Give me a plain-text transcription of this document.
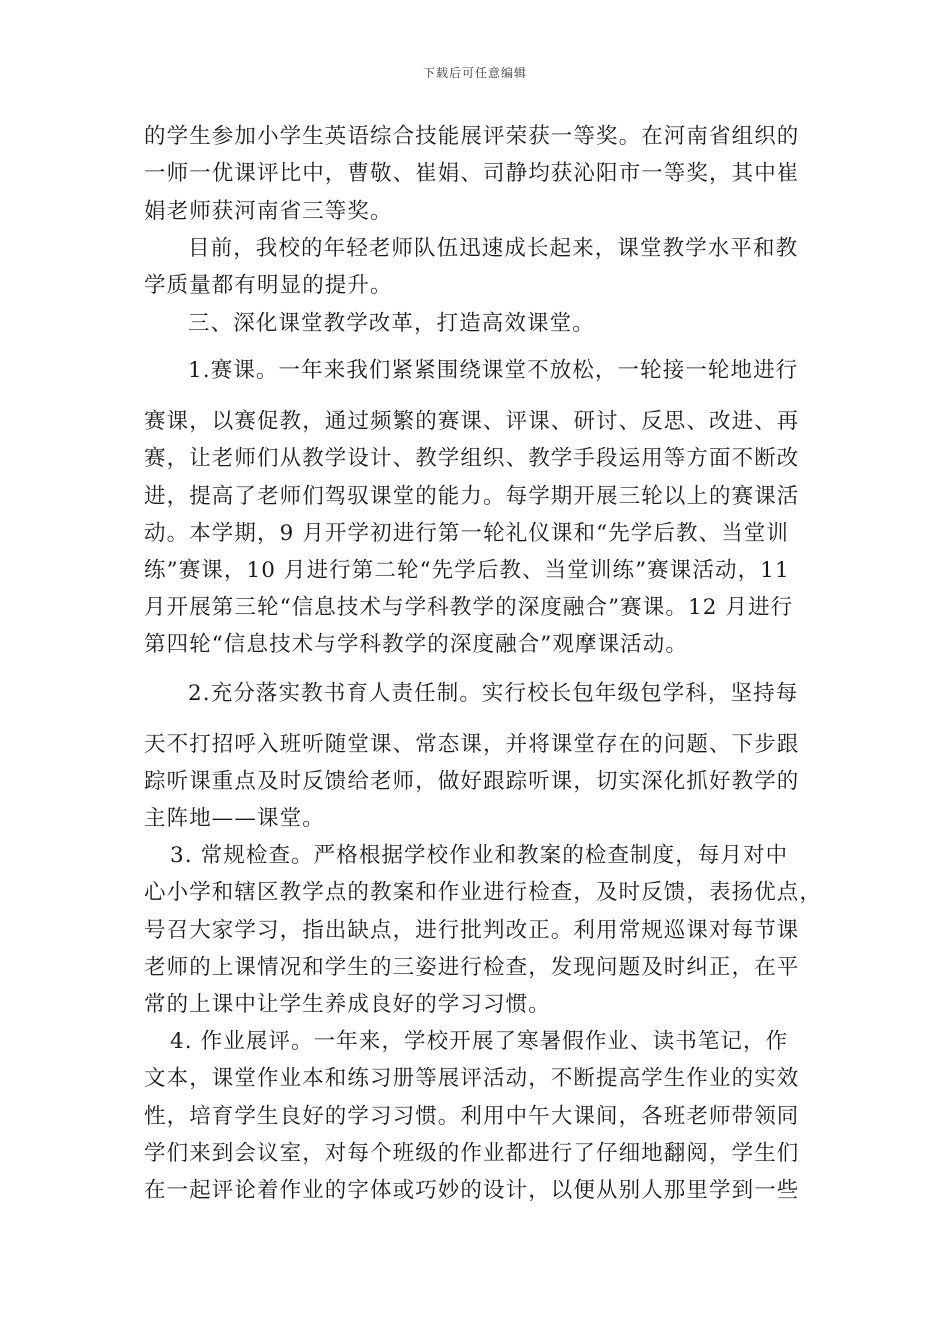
下载后可任意编辑
的学生参加小学生英语综合技能展评荣获一等奖。在河南省组织的
一师一优课评比中，曹敬、崔娟、司静均获沁阳市一等奖，其中崔
娟老师获河南省三等奖。
目前，我校的年轻老师队伍迅速成长起来，课堂教学水平和教
学质量都有明显的提升。
三、深化课堂教学改革，打造高效课堂。
1.赛课。一年来我们紧紧围绕课堂不放松，一轮接一轮地进行
赛课，以赛促教，通过频繁的赛课、评课、研讨、反思、改进、再
赛，让老师们从教学设计、教学组织、教学手段运用等方面不断改
进，提高了老师们驾驭课堂的能力。每学期开展三轮以上的赛课活
动。本学期，9 月开学初进行第一轮礼仪课和“先学后教、当堂训
练”赛课，10 月进行第二轮“先学后教、当堂训练”赛课活动，11
月开展第三轮“信息技术与学科教学的深度融合”赛课。12 月进行
第四轮“信息技术与学科教学的深度融合”观摩课活动。
2.充分落实教书育人责任制。实行校长包年级包学科，坚持每
天不打招呼入班听随堂课、常态课，并将课堂存在的问题、下步跟
踪听课重点及时反馈给老师，做好跟踪听课，切实深化抓好教学的
主阵地——课堂。
3. 常规检查。严格根据学校作业和教案的检查制度，每月对中
心小学和辖区教学点的教案和作业进行检查，及时反馈，表扬优点，
号召大家学习，指出缺点，进行批判改正。利用常规巡课对每节课
老师的上课情况和学生的三姿进行检查，发现问题及时纠正，在平
常的上课中让学生养成良好的学习习惯。
4. 作业展评。一年来，学校开展了寒暑假作业、读书笔记，作
文本，课堂作业本和练习册等展评活动，不断提高学生作业的实效
性，培育学生良好的学习习惯。利用中午大课间，各班老师带领同
学们来到会议室，对每个班级的作业都进行了仔细地翻阅，学生们
在一起评论着作业的字体或巧妙的设计，以便从别人那里学到一些
